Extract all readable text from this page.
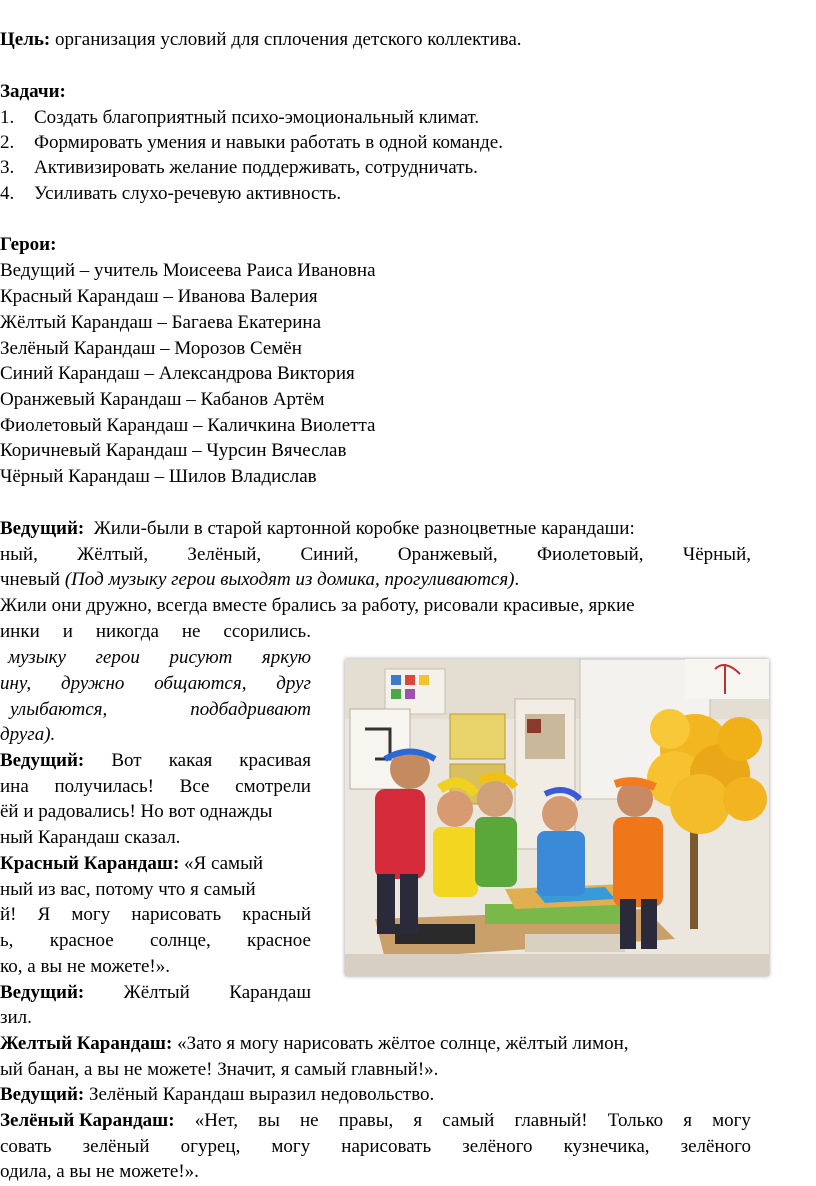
Цель: организация условий для сплочения детского коллектива.
Задачи:
1. Создать благоприятный психо-эмоциональный климат.
2. Формировать умения и навыки работать в одной команде.
3. Активизировать желание поддерживать, сотрудничать.
4. Усиливать слухо-речевую активность.
Герои:
Ведущий – учитель Моисеева Раиса Ивановна
Красный Карандаш – Иванова Валерия
Жёлтый Карандаш – Багаева Екатерина
Зелёный Карандаш – Морозов Семён
Синий Карандаш – Александрова Виктория
Оранжевый Карандаш – Кабанов Артём
Фиолетовый Карандаш – Каличкина Виолетта
Коричневый Карандаш – Чурсин Вячеслав
Чёрный Карандаш – Шилов Владислав
Ведущий:  Жили-были в старой картонной коробке разноцветные карандаши:
ный, Жёлтый, Зелёный, Синий, Оранжевый, Фиолетовый, Чёрный,
чневый (Под музыку герои выходят из домика, прогуливаются).
Жили они дружно, всегда вместе брались за работу, рисовали красивые, яркие
инки и никогда не ссорились.
музыку герои рисуют яркую
ину, дружно общаются, друг
улыбаются,	подбадривают
друга).
Ведущий: Вот какая красивая
ина получилась! Все смотрели
ёй и радовались! Но вот однажды
ный Карандаш сказал.
Красный Карандаш: «Я самый
ный из вас, потому что я самый
й! Я могу нарисовать красный
ь, красное солнце, красное
ко, а вы не можете!».
Ведущий: Жёлтый Карандаш
зил.
Желтый Карандаш: «Зато я могу нарисовать жёлтое солнце, жёлтый лимон,
ый банан, а вы не можете! Значит, я самый главный!».
Ведущий: Зелёный Карандаш выразил недовольство.
Зелёный Карандаш: «Нет, вы не правы, я самый главный! Только я могу
совать зелёный огурец, могу нарисовать зелёного кузнечика, зелёного
одила, а вы не можете!».
